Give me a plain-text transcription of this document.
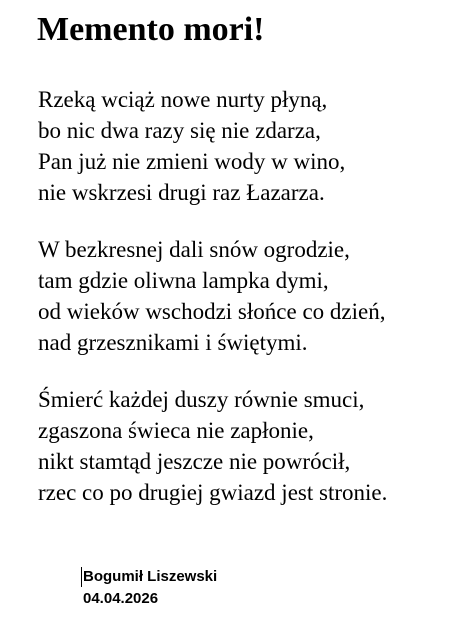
Memento mori!

Rzeką wciąż nowe nurty płyną,
bo nic dwa razy się nie zdarza,
Pan już nie zmieni wody w wino,
nie wskrzesi drugi raz Łazarza.

W bezkresnej dali snów ogrodzie,
tam gdzie oliwna lampka dymi,
od wieków wschodzi słońce co dzień,
nad grzesznikami i świętymi.

Śmierć każdej duszy równie smuci,
zgaszona świeca nie zapłonie,
nikt stamtąd jeszcze nie powrócił,
rzec co po drugiej gwiazd jest stronie.

Bogumił Liszewski
04.04.2026
